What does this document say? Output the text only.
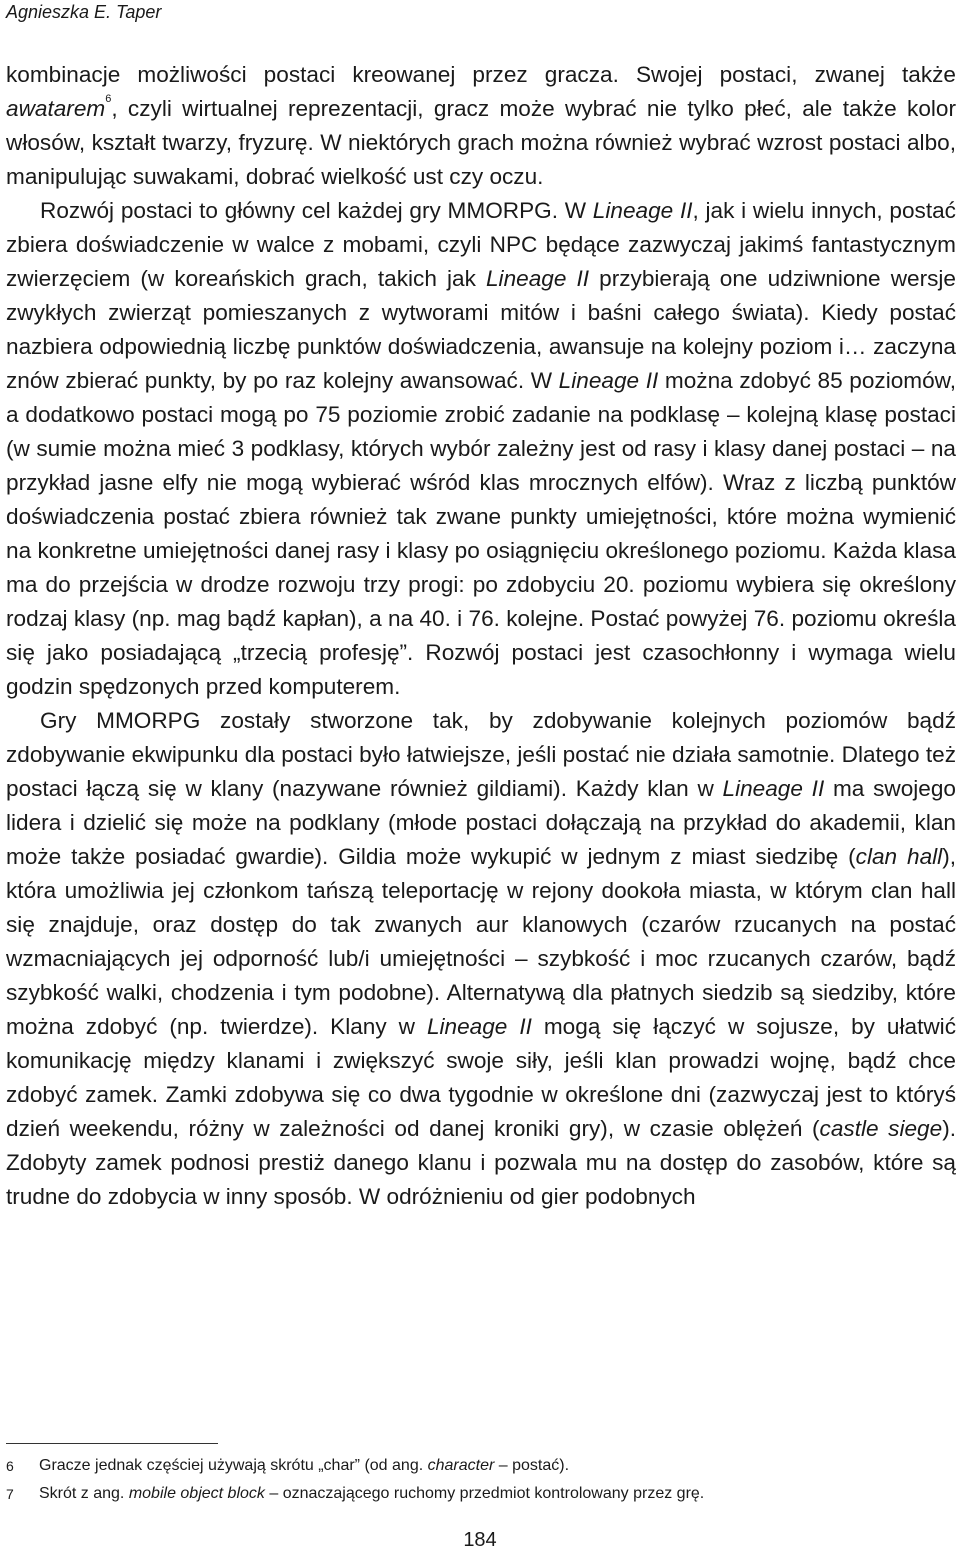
Agnieszka E. Taper

kombinacje możliwości postaci kreowanej przez gracza. Swojej postaci, zwanej także awatarem$^6$, czyli wirtualnej reprezentacji, gracz może wybrać nie tylko płeć, ale także kolor włosów, kształt twarzy, fryzurę. W niektórych grach można również wybrać wzrost postaci albo, manipulując suwakami, dobrać wielkość ust czy oczu.

Rozwój postaci to główny cel każdej gry MMORPG. W Lineage II, jak i wielu innych, postać zbiera doświadczenie w walce z mobami, czyli NPC będące zazwyczaj jakimś fantastycznym zwierzęciem (w koreańskich grach, takich jak Lineage II przybierają one udziwnione wersje zwykłych zwierząt pomieszanych z wytworami mitów i baśni całego świata). Kiedy postać nazbiera odpowiednią liczbę punktów doświadczenia, awansuje na kolejny poziom i… zaczyna znów zbierać punkty, by po raz kolejny awansować. W Lineage II można zdobyć 85 poziomów, a dodatkowo postaci mogą po 75 poziomie zrobić zadanie na podklasę – kolejną klasę postaci (w sumie można mieć 3 podklasy, których wybór zależny jest od rasy i klasy danej postaci – na przykład jasne elfy nie mogą wybierać wśród klas mrocznych elfów). Wraz z liczbą punktów doświadczenia postać zbiera również tak zwane punkty umiejętności, które można wymienić na konkretne umiejętności danej rasy i klasy po osiągnięciu określonego poziomu. Każda klasa ma do przejścia w drodze rozwoju trzy progi: po zdobyciu 20. poziomu wybiera się określony rodzaj klasy (np. mag bądź kapłan), a na 40. i 76. kolejne. Postać powyżej 76. poziomu określa się jako posiadającą „trzecią profesję”. Rozwój postaci jest czasochłonny i wymaga wielu godzin spędzonych przed komputerem.

Gry MMORPG zostały stworzone tak, by zdobywanie kolejnych poziomów bądź zdobywanie ekwipunku dla postaci było łatwiejsze, jeśli postać nie działa samotnie. Dlatego też postaci łączą się w klany (nazywane również gildiami). Każdy klan w Lineage II ma swojego lidera i dzielić się może na podklany (młode postaci dołączają na przykład do akademii, klan może także posiadać gwardie). Gildia może wykupić w jednym z miast siedzibę (clan hall), która umożliwia jej członkom tańszą teleportację w rejony dookoła miasta, w którym clan hall się znajduje, oraz dostęp do tak zwanych aur klanowych (czarów rzucanych na postać wzmacniających jej odporność lub/i umiejętności – szybkość i moc rzucanych czarów, bądź szybkość walki, chodzenia i tym podobne). Alternatywą dla płatnych siedzib są siedziby, które można zdobyć (np. twierdze). Klany w Lineage II mogą się łączyć w sojusze, by ułatwić komunikację między klanami i zwiększyć swoje siły, jeśli klan prowadzi wojnę, bądź chce zdobyć zamek. Zamki zdobywa się co dwa tygodnie w określone dni (zazwyczaj jest to któryś dzień weekendu, różny w zależności od danej kroniki gry), w czasie oblężeń (castle siege). Zdobyty zamek podnosi prestiż danego klanu i pozwala mu na dostęp do zasobów, które są trudne do zdobycia w inny sposób. W odróżnieniu od gier podobnych

6	Gracze jednak częściej używają skrótu „char” (od ang. character – postać).
7	Skrót z ang. mobile object block – oznaczającego ruchomy przedmiot kontrolowany przez grę.
184
